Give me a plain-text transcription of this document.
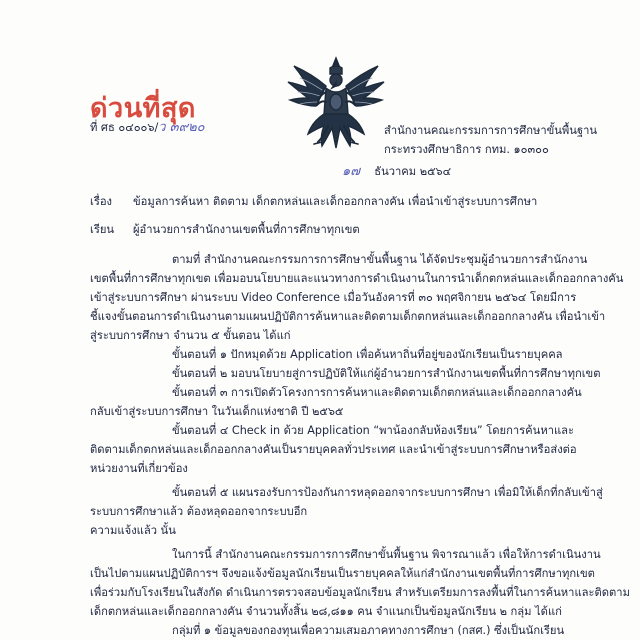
ด่วนที่สุด
ที่ ศธ ๐๔๐๐๖/ว ๓๙๒๐	สำนักงานคณะกรรมการการศึกษาขั้นพื้นฐาน
กระทรวงศึกษาธิการ กทม. ๑๐๓๐๐
๑๗ ธันวาคม ๒๕๖๔
เรื่อง ข้อมูลการค้นหา ติดตาม เด็กตกหล่นและเด็กออกกลางคัน เพื่อนำเข้าสู่ระบบการศึกษา
เรียน ผู้อำนวยการสำนักงานเขตพื้นที่การศึกษาทุกเขต
ตามที่ สำนักงานคณะกรรมการการศึกษาขั้นพื้นฐาน ได้จัดประชุมผู้อำนวยการสำนักงาน
เขตพื้นที่การศึกษาทุกเขต เพื่อมอบนโยบายและแนวทางการดำเนินงานในการนำเด็กตกหล่นและเด็กออกกลางคัน
เข้าสู่ระบบการศึกษา ผ่านระบบ Video Conference เมื่อวันอังคารที่ ๓๐ พฤศจิกายน ๒๕๖๔ โดยมีการ
ชี้แจงขั้นตอนการดำเนินงานตามแผนปฏิบัติการค้นหาและติดตามเด็กตกหล่นและเด็กออกกลางคัน เพื่อนำเข้า
สู่ระบบการศึกษา จำนวน ๕ ขั้นตอน ได้แก่
ขั้นตอนที่ ๑ ปักหมุดด้วย Application เพื่อค้นหาถิ่นที่อยู่ของนักเรียนเป็นรายบุคคล
ขั้นตอนที่ ๒ มอบนโยบายสู่การปฏิบัติให้แก่ผู้อำนวยการสำนักงานเขตพื้นที่การศึกษาทุกเขต
ขั้นตอนที่ ๓ การเปิดตัวโครงการการค้นหาและติดตามเด็กตกหล่นและเด็กออกกลางคัน
กลับเข้าสู่ระบบการศึกษา ในวันเด็กแห่งชาติ ปี ๒๕๖๕
ขั้นตอนที่ ๔ Check in ด้วย Application “พาน้องกลับห้องเรียน” โดยการค้นหาและ
ติดตามเด็กตกหล่นและเด็กออกกลางคันเป็นรายบุคคลทั่วประเทศ และนำเข้าสู่ระบบการศึกษาหรือส่งต่อ
หน่วยงานที่เกี่ยวข้อง
ขั้นตอนที่ ๕ แผนรองรับการป้องกันการหลุดออกจากระบบการศึกษา เพื่อมิให้เด็กที่กลับเข้าสู่
ระบบการศึกษาแล้ว ต้องหลุดออกจากระบบอีก
ความแจ้งแล้ว นั้น
ในการนี้ สำนักงานคณะกรรมการการศึกษาขั้นพื้นฐาน พิจารณาแล้ว เพื่อให้การดำเนินงาน
เป็นไปตามแผนปฏิบัติการฯ จึงขอแจ้งข้อมูลนักเรียนเป็นรายบุคคลให้แก่สำนักงานเขตพื้นที่การศึกษาทุกเขต
เพื่อร่วมกับโรงเรียนในสังกัด ดำเนินการตรวจสอบข้อมูลนักเรียน สำหรับเตรียมการลงพื้นที่ในการค้นหาและติดตาม
เด็กตกหล่นและเด็กออกกลางคัน จำนวนทั้งสิ้น ๒๘,๘๑๑ คน จำแนกเป็นข้อมูลนักเรียน ๒ กลุ่ม ได้แก่
กลุ่มที่ ๑ ข้อมูลของกองทุนเพื่อความเสมอภาคทางการศึกษา (กสศ.) ซึ่งเป็นนักเรียน
